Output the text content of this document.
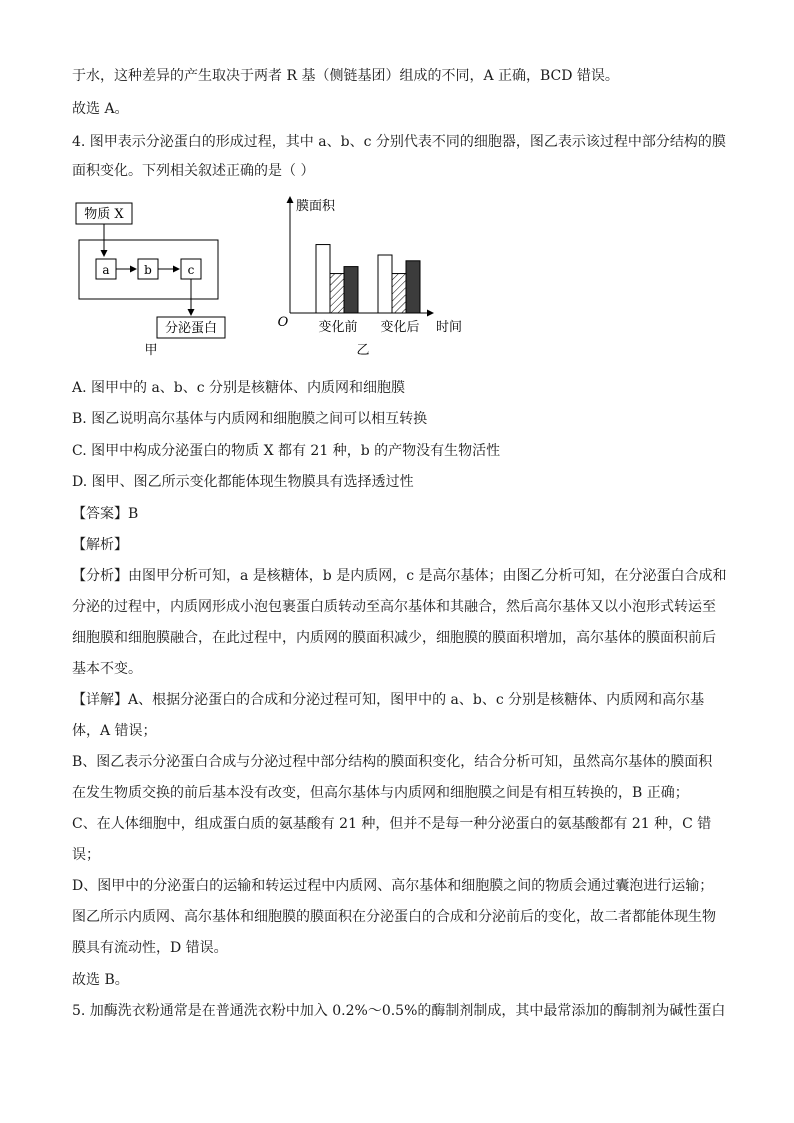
于水，这种差异的产生取决于两者 R 基（侧链基团）组成的不同，A 正确，BCD 错误。
故选 A。
4. 图甲表示分泌蛋白的形成过程，其中 a、b、c 分别代表不同的细胞器，图乙表示该过程中部分结构的膜
面积变化。下列相关叙述正确的是（ ）
物质 X
a	b	c
分泌蛋白
甲
膜面积
O	时间
变化前 变化后
乙
A. 图甲中的 a、b、c 分别是核糖体、内质网和细胞膜
B. 图乙说明高尔基体与内质网和细胞膜之间可以相互转换
C. 图甲中构成分泌蛋白的物质 X 都有 21 种，b 的产物没有生物活性
D. 图甲、图乙所示变化都能体现生物膜具有选择透过性
【答案】B
【解析】
【分析】由图甲分析可知，a 是核糖体，b 是内质网，c 是高尔基体；由图乙分析可知，在分泌蛋白合成和
分泌的过程中，内质网形成小泡包裹蛋白质转动至高尔基体和其融合，然后高尔基体又以小泡形式转运至
细胞膜和细胞膜融合，在此过程中，内质网的膜面积减少，细胞膜的膜面积增加，高尔基体的膜面积前后
基本不变。
【详解】A、根据分泌蛋白的合成和分泌过程可知，图甲中的 a、b、c 分别是核糖体、内质网和高尔基
体，A 错误；
B、图乙表示分泌蛋白合成与分泌过程中部分结构的膜面积变化，结合分析可知，虽然高尔基体的膜面积
在发生物质交换的前后基本没有改变，但高尔基体与内质网和细胞膜之间是有相互转换的，B 正确；
C、在人体细胞中，组成蛋白质的氨基酸有 21 种，但并不是每一种分泌蛋白的氨基酸都有 21 种，C 错
误；
D、图甲中的分泌蛋白的运输和转运过程中内质网、高尔基体和细胞膜之间的物质会通过囊泡进行运输；
图乙所示内质网、高尔基体和细胞膜的膜面积在分泌蛋白的合成和分泌前后的变化，故二者都能体现生物
膜具有流动性，D 错误。
故选 B。
5. 加酶洗衣粉通常是在普通洗衣粉中加入 0.2%～0.5%的酶制剂制成，其中最常添加的酶制剂为碱性蛋白
